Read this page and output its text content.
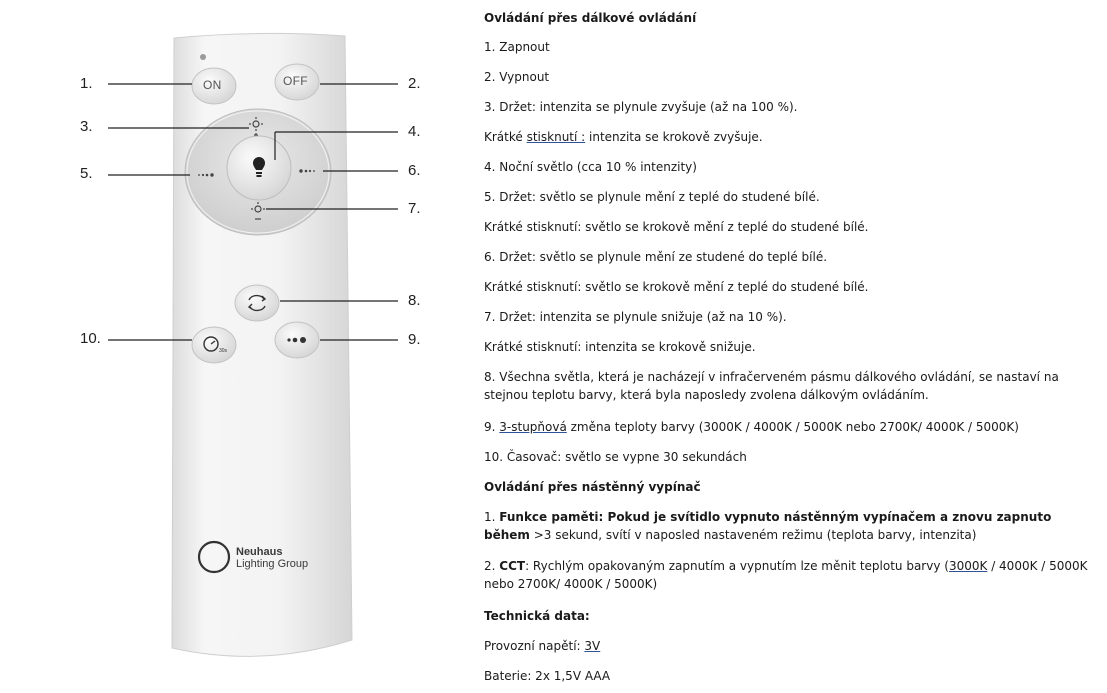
30s
ON	OFF
Neuhaus
Lighting Group
1.	2.
3.	4.
5.	6.
7.
8.
9.
10.

Ovládání přes dálkové ovládání

1. Zapnout

2. Vypnout

3. Držet: intenzita se plynule zvyšuje (až na 100 %).

Krátké stisknutí : intenzita se krokově zvyšuje.

4. Noční světlo (cca 10 % intenzity)

5. Držet: světlo se plynule mění z teplé do studené bílé.

Krátké stisknutí: světlo se krokově mění z teplé do studené bílé.

6. Držet: světlo se plynule mění ze studené do teplé bílé.

Krátké stisknutí: světlo se krokově mění z teplé do studené bílé.

7. Držet: intenzita se plynule snižuje (až na 10 %).

Krátké stisknutí: intenzita se krokově snižuje.

8. Všechna světla, která je nacházejí v infračerveném pásmu dálkového ovládání, se nastaví na stejnou teplotu barvy, která byla naposledy zvolena dálkovým ovládáním.

9. 3-stupňová změna teploty barvy (3000K / 4000K / 5000K nebo 2700K/ 4000K / 5000K)

10. Časovač: světlo se vypne 30 sekundách

Ovládání přes nástěnný vypínač

1. Funkce paměti: Pokud je svítidlo vypnuto nástěnným vypínačem a znovu zapnuto během >3 sekund, svítí v naposled nastaveném režimu (teplota barvy, intenzita)

2. CCT: Rychlým opakovaným zapnutím a vypnutím lze měnit teplotu barvy (3000K / 4000K / 5000K nebo 2700K/ 4000K / 5000K)

Technická data:

Provozní napětí: 3V

Baterie: 2x 1,5V AAA
